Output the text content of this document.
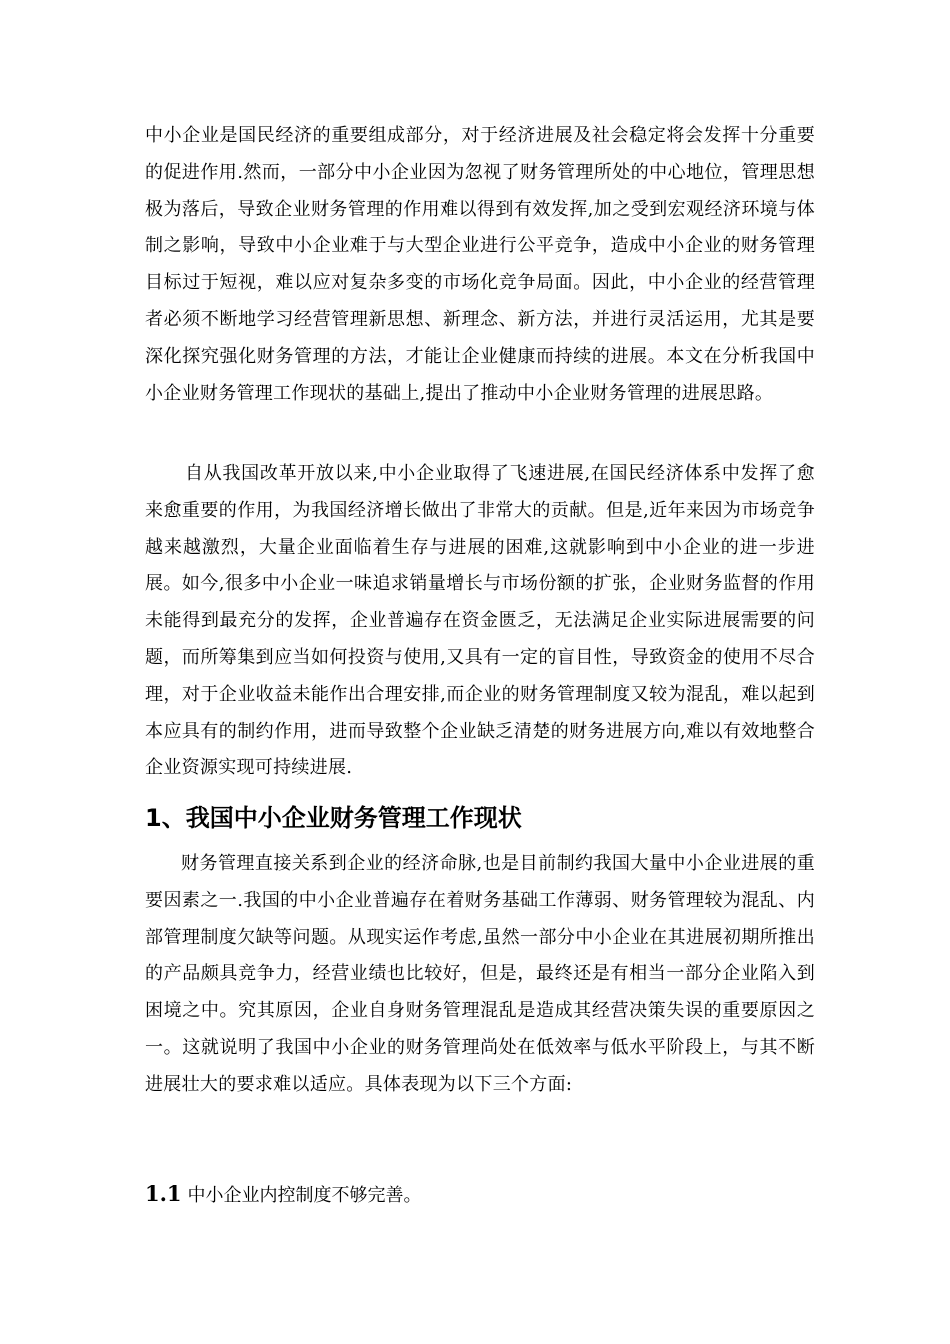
中小企业是国民经济的重要组成部分，对于经济进展及社会稳定将会发挥十分重要的促进作用.然而，一部分中小企业因为忽视了财务管理所处的中心地位，管理思想极为落后，导致企业财务管理的作用难以得到有效发挥,加之受到宏观经济环境与体制之影响，导致中小企业难于与大型企业进行公平竞争，造成中小企业的财务管理目标过于短视，难以应对复杂多变的市场化竞争局面。因此，中小企业的经营管理者必须不断地学习经营管理新思想、新理念、新方法，并进行灵活运用，尤其是要深化探究强化财务管理的方法，才能让企业健康而持续的进展。本文在分析我国中小企业财务管理工作现状的基础上,提出了推动中小企业财务管理的进展思路。

自从我国改革开放以来,中小企业取得了飞速进展,在国民经济体系中发挥了愈来愈重要的作用，为我国经济增长做出了非常大的贡献。但是,近年来因为市场竞争越来越激烈，大量企业面临着生存与进展的困难,这就影响到中小企业的进一步进展。如今,很多中小企业一味追求销量增长与市场份额的扩张，企业财务监督的作用未能得到最充分的发挥，企业普遍存在资金匮乏，无法满足企业实际进展需要的问题，而所筹集到应当如何投资与使用,又具有一定的盲目性，导致资金的使用不尽合理，对于企业收益未能作出合理安排,而企业的财务管理制度又较为混乱，难以起到本应具有的制约作用，进而导致整个企业缺乏清楚的财务进展方向,难以有效地整合企业资源实现可持续进展.

1、我国中小企业财务管理工作现状

财务管理直接关系到企业的经济命脉,也是目前制约我国大量中小企业进展的重要因素之一.我国的中小企业普遍存在着财务基础工作薄弱、财务管理较为混乱、内部管理制度欠缺等问题。从现实运作考虑,虽然一部分中小企业在其进展初期所推出的产品颇具竞争力，经营业绩也比较好，但是，最终还是有相当一部分企业陷入到困境之中。究其原因，企业自身财务管理混乱是造成其经营决策失误的重要原因之一。这就说明了我国中小企业的财务管理尚处在低效率与低水平阶段上，与其不断进展壮大的要求难以适应。具体表现为以下三个方面:

1.1 中小企业内控制度不够完善。
